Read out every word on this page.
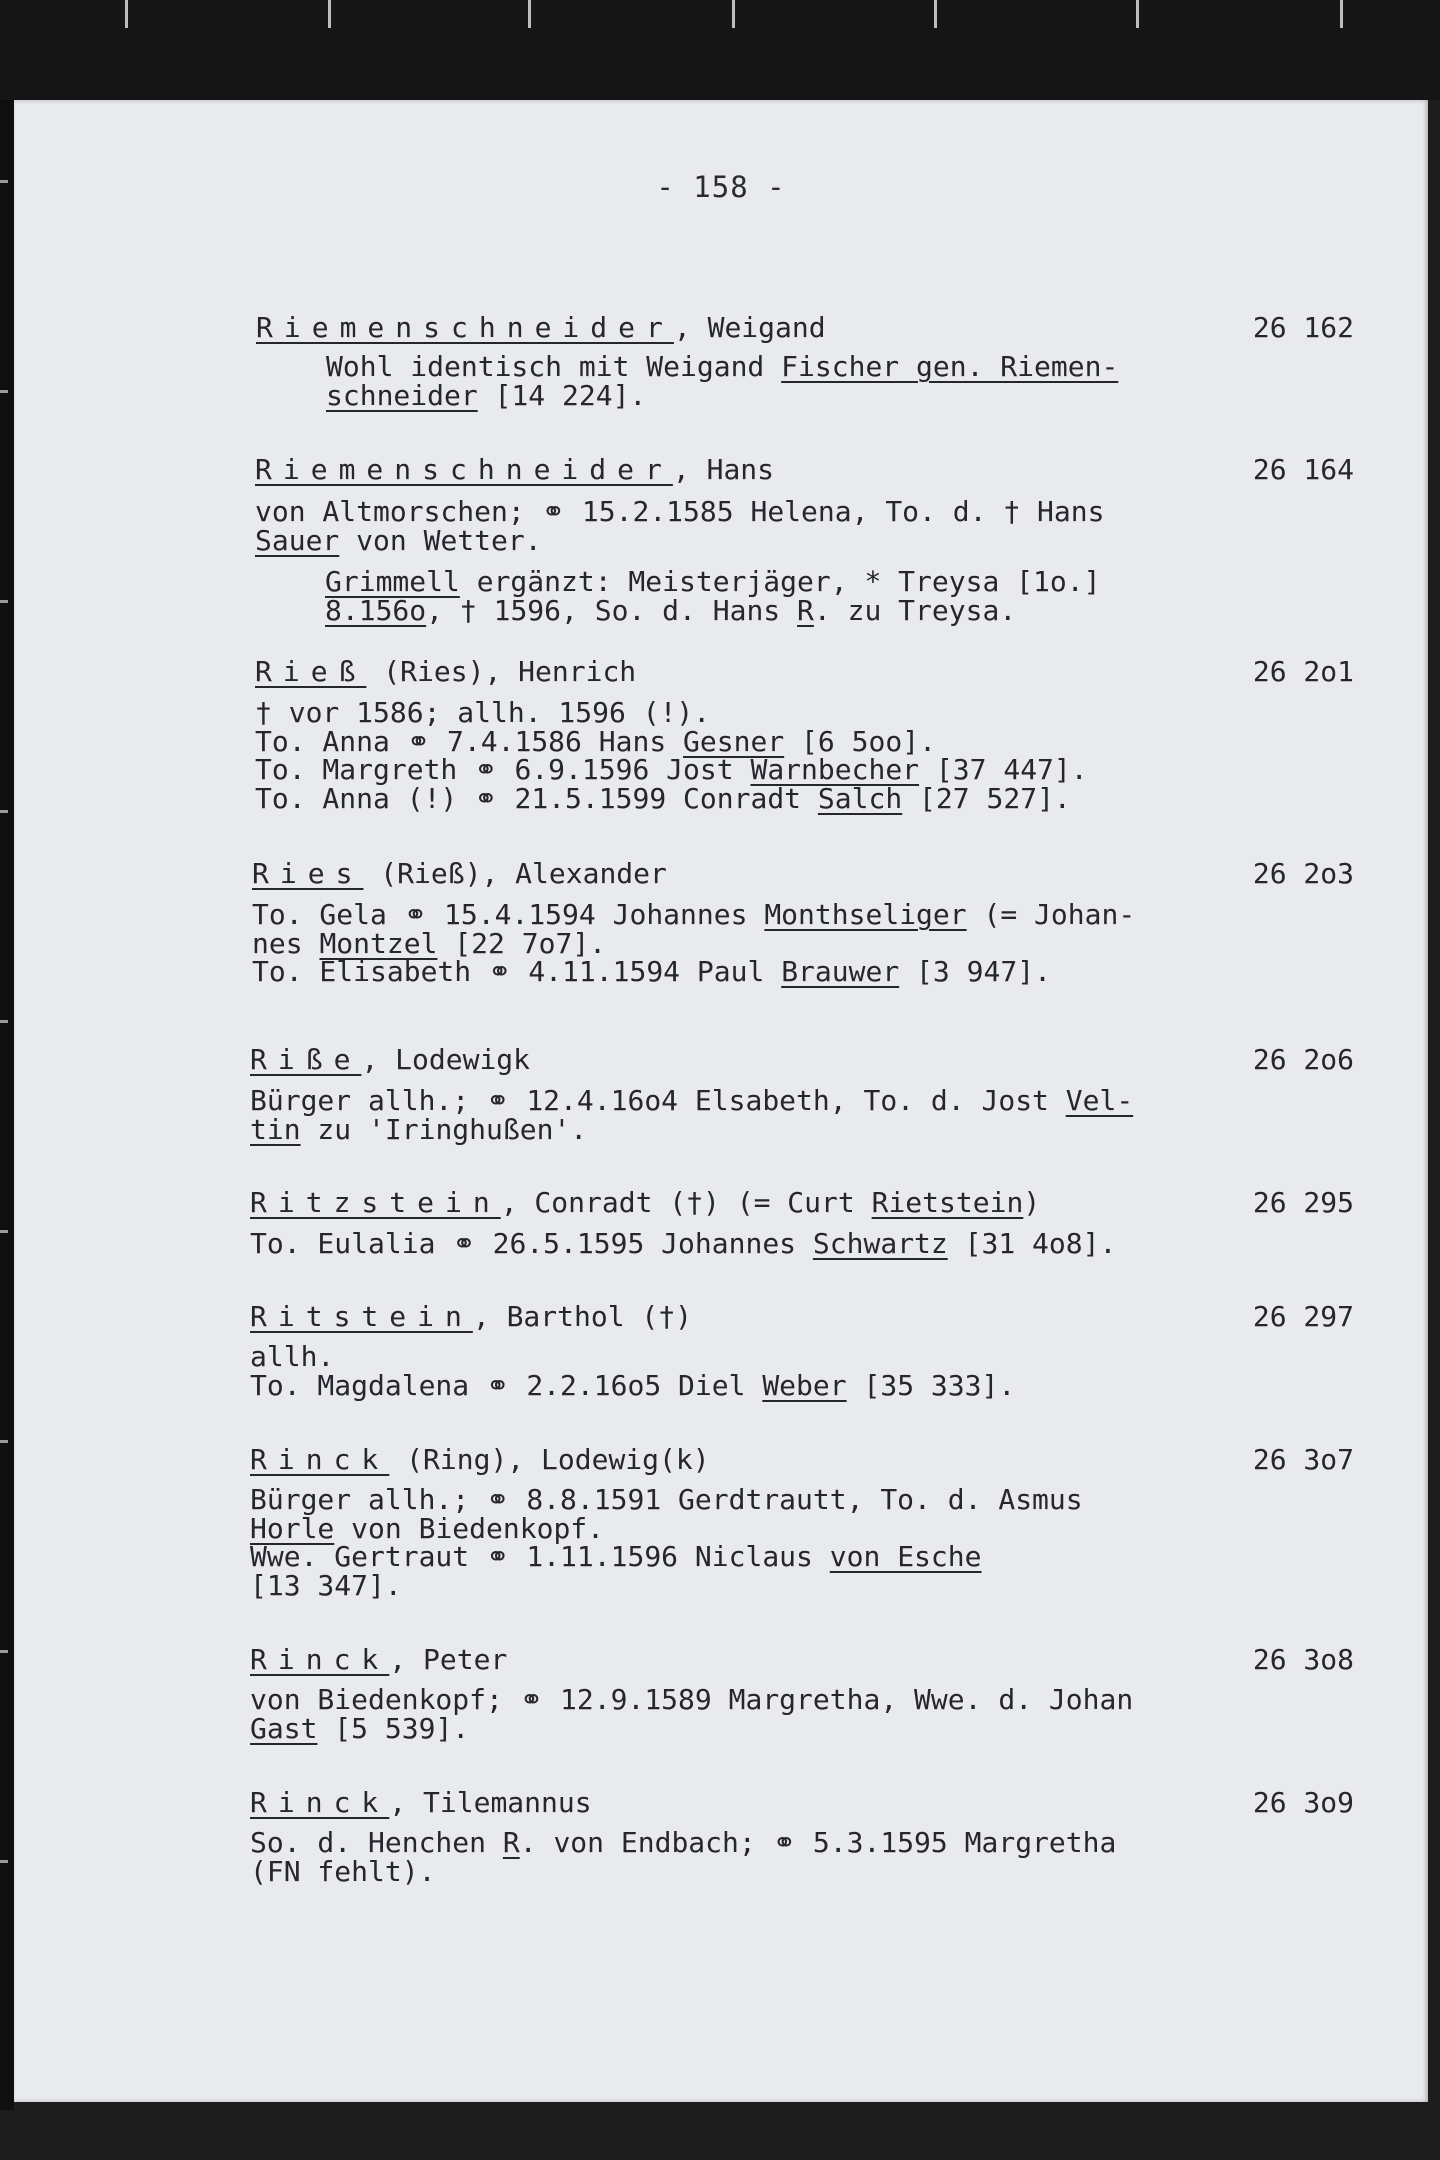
- 158 -
Riemenschneider, Weigand	26 162
Wohl identisch mit Weigand Fischer gen. Riemen-
schneider [14 224].
Riemenschneider, Hans	26 164
von Altmorschen; ⚭ 15.2.1585 Helena, To. d. † Hans
Sauer von Wetter.
Grimmell ergänzt: Meisterjäger, * Treysa [1o.]
8.156o, † 1596, So. d. Hans R. zu Treysa.
Rieß (Ries), Henrich	26 2o1
† vor 1586; allh. 1596 (!).
To. Anna ⚭ 7.4.1586 Hans Gesner [6 5oo].
To. Margreth ⚭ 6.9.1596 Jost Warnbecher [37 447].
To. Anna (!) ⚭ 21.5.1599 Conradt Salch [27 527].
Ries (Rieß), Alexander	26 2o3
To. Gela ⚭ 15.4.1594 Johannes Monthseliger (= Johan-
nes Montzel [22 7o7].
To. Elisabeth ⚭ 4.11.1594 Paul Brauwer [3 947].
Riße, Lodewigk	26 2o6
Bürger allh.; ⚭ 12.4.16o4 Elsabeth, To. d. Jost Vel-
tin zu 'Iringhußen'.
Ritzstein, Conradt (†) (= Curt Rietstein)	26 295
To. Eulalia ⚭ 26.5.1595 Johannes Schwartz [31 4o8].
Ritstein, Barthol (†)	26 297
allh.
To. Magdalena ⚭ 2.2.16o5 Diel Weber [35 333].
Rinck (Ring), Lodewig(k)	26 3o7
Bürger allh.; ⚭ 8.8.1591 Gerdtrautt, To. d. Asmus
Horle von Biedenkopf.
Wwe. Gertraut ⚭ 1.11.1596 Niclaus von Esche
[13 347].
Rinck, Peter	26 3o8
von Biedenkopf; ⚭ 12.9.1589 Margretha, Wwe. d. Johan
Gast [5 539].
Rinck, Tilemannus	26 3o9
So. d. Henchen R. von Endbach; ⚭ 5.3.1595 Margretha
(FN fehlt).
